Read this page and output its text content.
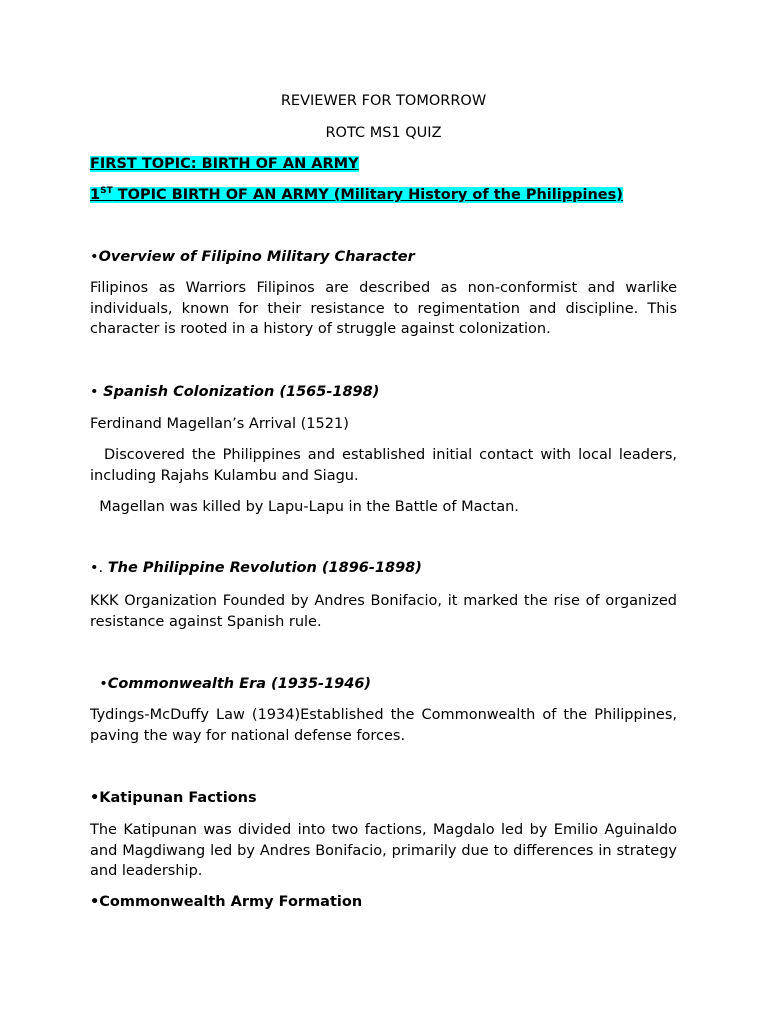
REVIEWER FOR TOMORROW
ROTC MS1 QUIZ
FIRST TOPIC: BIRTH OF AN ARMY
1ST TOPIC BIRTH OF AN ARMY (Military History of the Philippines)
•Overview of Filipino Military Character
Filipinos as Warriors Filipinos are described as non-conformist and warlike individuals, known for their resistance to regimentation and discipline. This character is rooted in a history of struggle against colonization.
• Spanish Colonization (1565-1898)
Ferdinand Magellan’s Arrival (1521)
Discovered the Philippines and established initial contact with local leaders, including Rajahs Kulambu and Siagu.
Magellan was killed by Lapu-Lapu in the Battle of Mactan.
•. The Philippine Revolution (1896-1898)
KKK Organization Founded by Andres Bonifacio, it marked the rise of organized resistance against Spanish rule.
•Commonwealth Era (1935-1946)
Tydings-McDuffy Law (1934)Established the Commonwealth of the Philippines, paving the way for national defense forces.
•Katipunan Factions
The Katipunan was divided into two factions, Magdalo led by Emilio Aguinaldo and Magdiwang led by Andres Bonifacio, primarily due to differences in strategy and leadership.
•Commonwealth Army Formation
